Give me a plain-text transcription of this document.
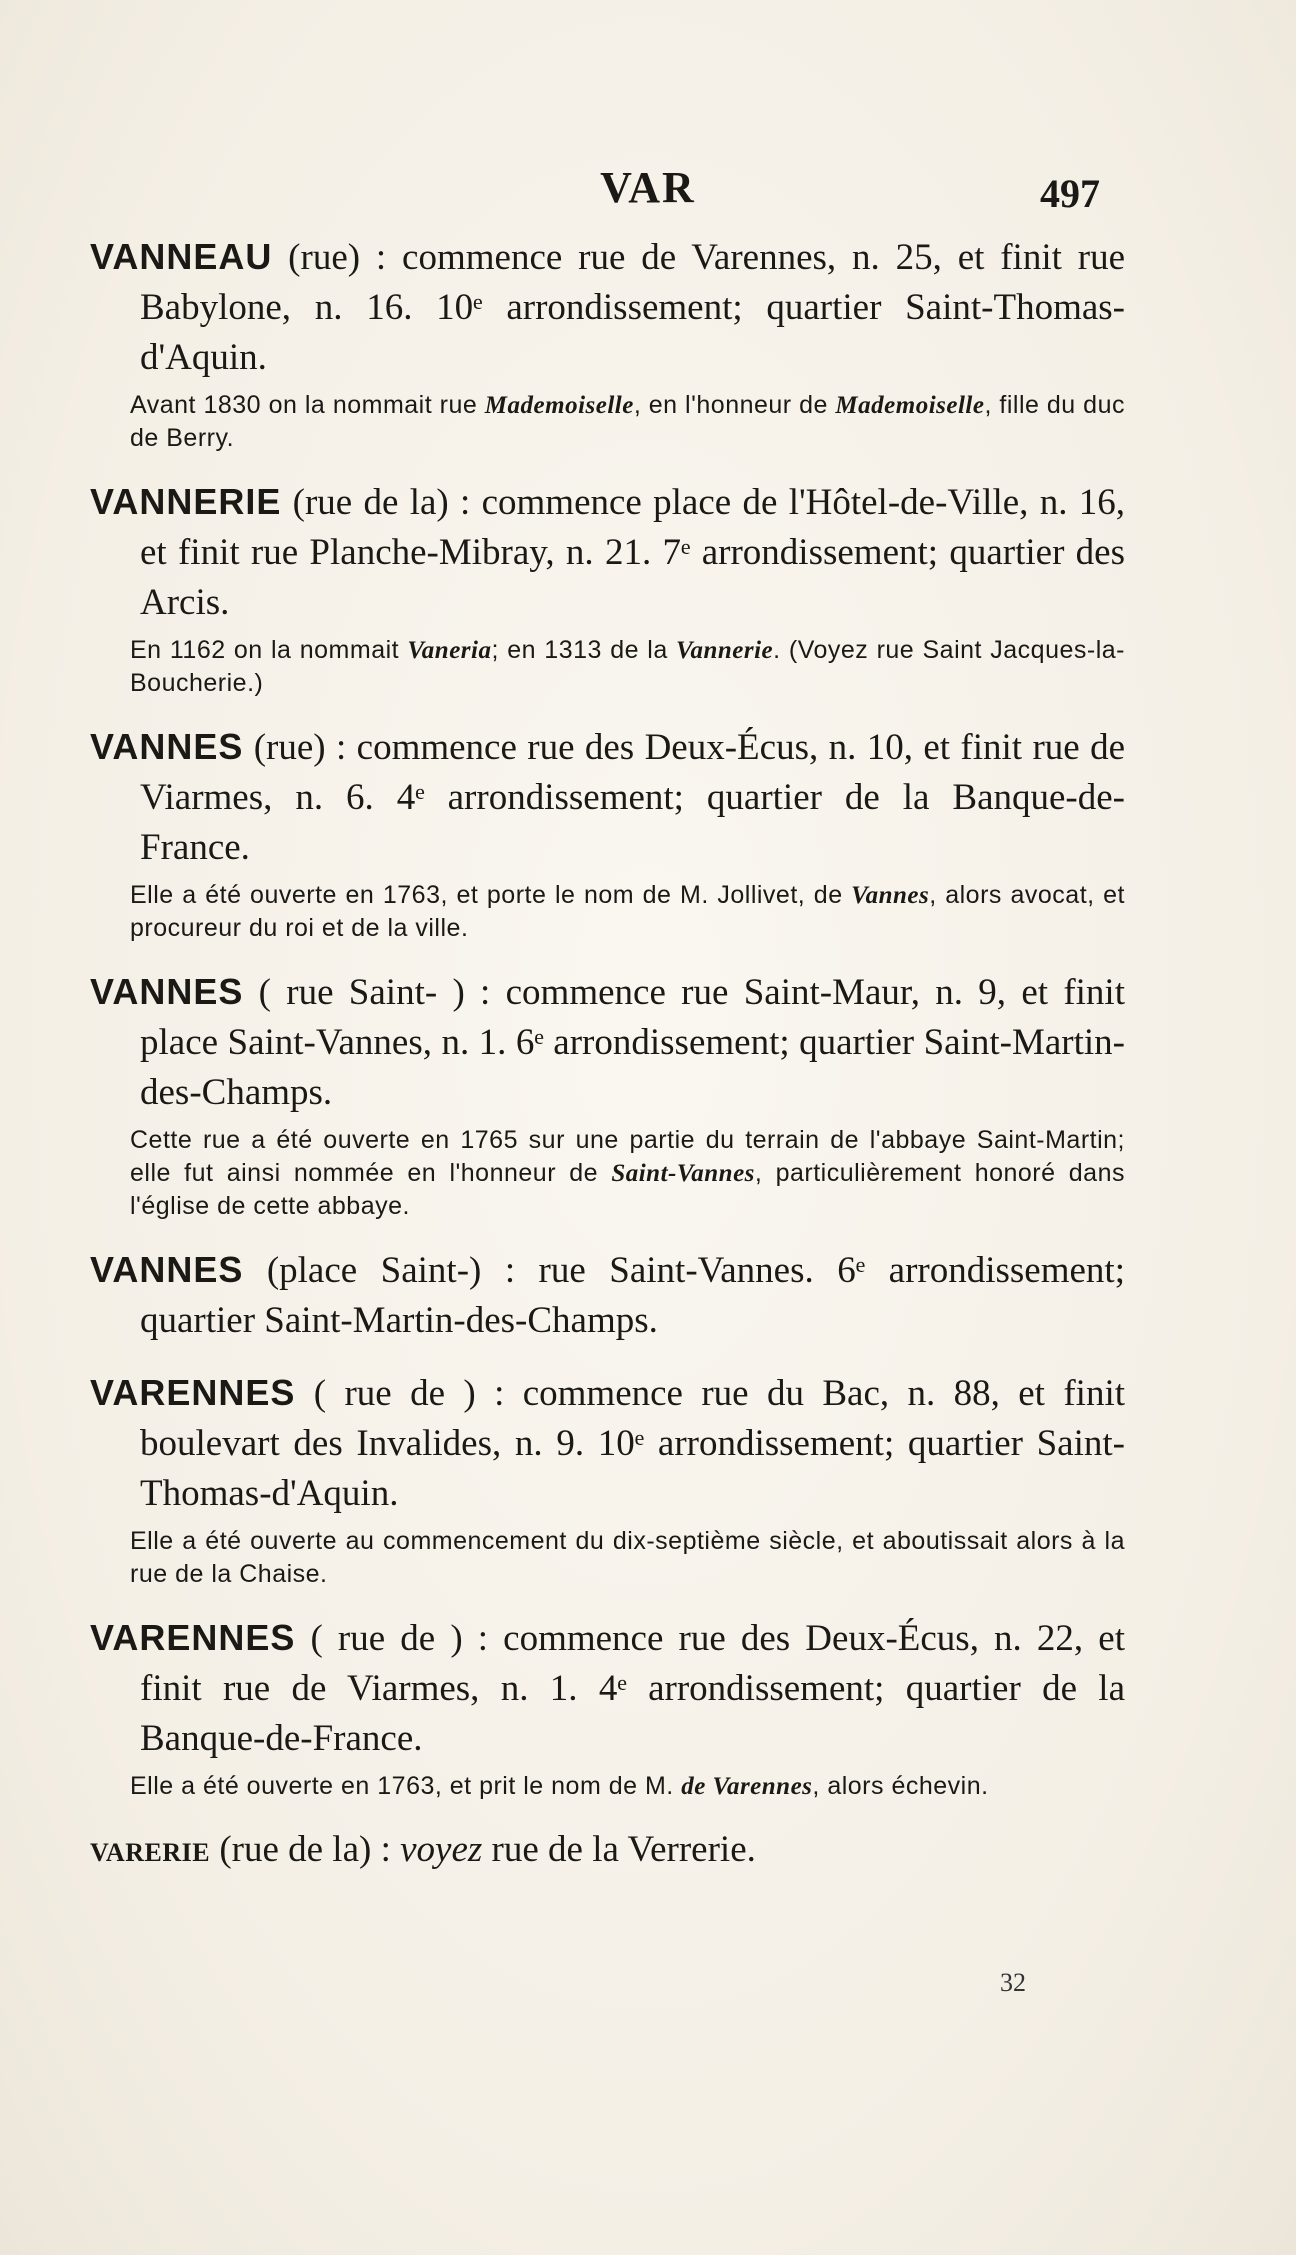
VAR	497

VANNEAU (rue) : commence rue de Varennes, n. 25, et finit rue Babylone, n. 16. 10ᵉ arrondissement; quartier Saint-Thomas-d'Aquin.

Avant 1830 on la nommait rue Mademoiselle, en l'honneur de Mademoiselle, fille du duc de Berry.

VANNERIE (rue de la) : commence place de l'Hôtel-de-Ville, n. 16, et finit rue Planche-Mibray, n. 21. 7ᵉ arrondissement; quartier des Arcis.

En 1162 on la nommait Vaneria; en 1313 de la Vannerie. (Voyez rue Saint Jacques-la-Boucherie.)

VANNES (rue) : commence rue des Deux-Écus, n. 10, et finit rue de Viarmes, n. 6. 4ᵉ arrondissement; quartier de la Banque-de-France.

Elle a été ouverte en 1763, et porte le nom de M. Jollivet, de Vannes, alors avocat, et procureur du roi et de la ville.

VANNES ( rue Saint- ) : commence rue Saint-Maur, n. 9, et finit place Saint-Vannes, n. 1. 6ᵉ arrondissement; quartier Saint-Martin-des-Champs.

Cette rue a été ouverte en 1765 sur une partie du terrain de l'abbaye Saint-Martin; elle fut ainsi nommée en l'honneur de Saint-Vannes, particulièrement honoré dans l'église de cette abbaye.

VANNES (place Saint-) : rue Saint-Vannes. 6ᵉ arrondissement; quartier Saint-Martin-des-Champs.

VARENNES ( rue de ) : commence rue du Bac, n. 88, et finit boulevart des Invalides, n. 9. 10ᵉ arrondissement; quartier Saint-Thomas-d'Aquin.

Elle a été ouverte au commencement du dix-septième siècle, et aboutissait alors à la rue de la Chaise.

VARENNES ( rue de ) : commence rue des Deux-Écus, n. 22, et finit rue de Viarmes, n. 1. 4ᵉ arrondissement; quartier de la Banque-de-France.

Elle a été ouverte en 1763, et prit le nom de M. de Varennes, alors échevin.

VARERIE (rue de la) : voyez rue de la Verrerie.

32
